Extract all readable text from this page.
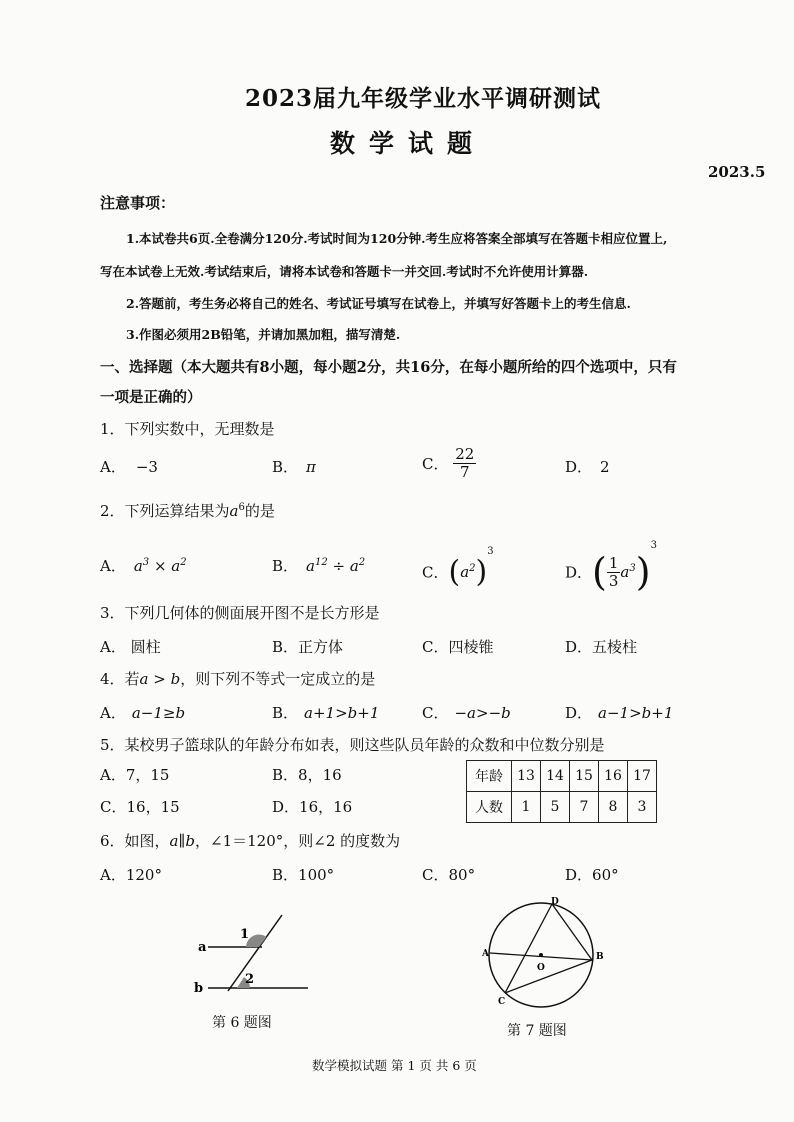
2023届九年级学业水平调研测试
数学试题
2023.5
注意事项：
1.本试卷共6页.全卷满分120分.考试时间为120分钟.考生应将答案全部填写在答题卡相应位置上,
写在本试卷上无效.考试结束后，请将本试卷和答题卡一并交回.考试时不允许使用计算器.
2.答题前，考生务必将自己的姓名、考试证号填写在试卷上，并填写好答题卡上的考生信息.
3.作图必须用2B铅笔，并请加黑加粗，描写清楚.
一、选择题（本大题共有8小题，每小题2分，共16分，在每小题所给的四个选项中，只有
一项是正确的）
1．下列实数中，无理数是
A． −3	B． π	C． $\frac{22}{7}$	D． 2
2．下列运算结果为$a^6$的是
A． $a^3 \times a^2$	B． $a^{12} \div a^2$
C．$(a^2)^3$
D．( $\frac{1}{3} a^3)^3$
3．下列几何体的侧面展开图不是长方形是
A． 圆柱	B．正方体	C．四棱锥	D．五棱柱
4．若a > b，则下列不等式一定成立的是
A． a−1≥b	B． a+1>b+1	C． −a>−b	D． a−1>b+1
5．某校男子篮球队的年龄分布如表，则这些队员年龄的众数和中位数分别是
A．7，15	B．8，16
C．16，15	D．16，16
年龄	13	14	15	16	17
人数	1	5	7	8	3
6．如图，a∥b，∠1＝120°，则∠2 的度数为
A．120°	B．100°	C．80°	D．60°
a
b
1
2
第 6 题图
D
A
O
B
C
第 7 题图
数学模拟试题 第 1 页 共 6 页
